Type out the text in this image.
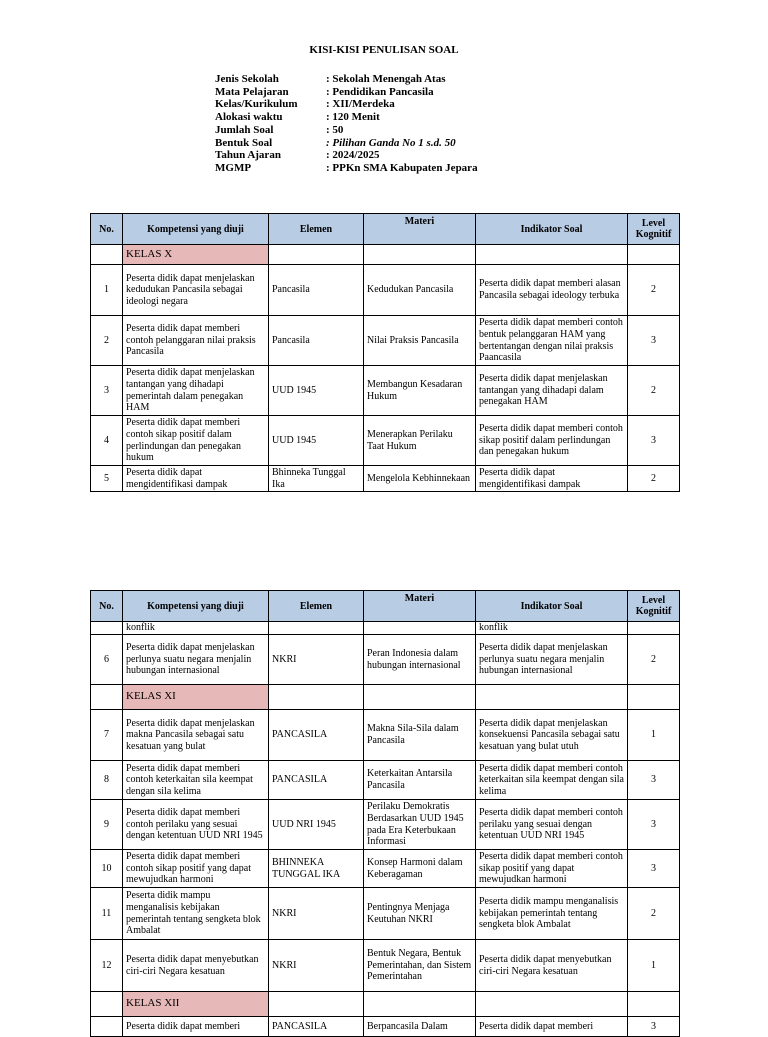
KISI-KISI PENULISAN SOAL
Jenis Sekolah	: Sekolah Menengah Atas
Mata Pelajaran	: Pendidikan Pancasila
Kelas/Kurikulum	: XII/Merdeka
Alokasi waktu	: 120 Menit
Jumlah Soal	: 50
Bentuk Soal	: Pilihan Ganda No 1 s.d. 50
Tahun Ajaran	: 2024/2025
MGMP	: PPKn SMA Kabupaten Jepara
No.	Kompetensi yang diuji	Elemen	Materi	Indikator Soal	Level Kognitif
	KELAS X				
1	Peserta didik dapat menjelaskan kedudukan Pancasila sebagai ideologi negara	Pancasila	Kedudukan Pancasila	Peserta didik dapat memberi alasan Pancasila sebagai ideology terbuka	2
2	Peserta didik dapat memberi contoh pelanggaran nilai praksis Pancasila	Pancasila	Nilai Praksis Pancasila	Peserta didik dapat memberi contoh bentuk pelanggaran HAM yang bertentangan dengan nilai praksis Paancasila	3
3	Peserta didik dapat menjelaskan tantangan yang dihadapi pemerintah dalam penegakan HAM	UUD 1945	Membangun Kesadaran Hukum	Peserta didik dapat menjelaskan tantangan yang dihadapi dalam penegakan HAM	2
4	Peserta didik dapat memberi contoh sikap positif dalam perlindungan dan penegakan hukum	UUD 1945	Menerapkan Perilaku Taat Hukum	Peserta didik dapat memberi contoh sikap positif dalam perlindungan dan penegakan hukum	3
5	Peserta didik dapat mengidentifikasi dampak	Bhinneka Tunggal Ika	Mengelola Kebhinnekaan	Peserta didik dapat mengidentifikasi dampak	2
No.	Kompetensi yang diuji	Elemen	Materi	Indikator Soal	Level Kognitif
	konflik			konflik	
6	Peserta didik dapat menjelaskan perlunya suatu negara menjalin hubungan internasional	NKRI	Peran Indonesia dalam hubungan internasional	Peserta didik dapat menjelaskan perlunya suatu negara menjalin hubungan internasional	2
	KELAS XI				
7	Peserta didik dapat menjelaskan makna Pancasila sebagai satu kesatuan yang bulat	PANCASILA	Makna Sila-Sila dalam Pancasila	Peserta didik dapat menjelaskan konsekuensi Pancasila sebagai satu kesatuan yang bulat utuh	1
8	Peserta didik dapat memberi contoh keterkaitan sila keempat dengan sila kelima	PANCASILA	Keterkaitan Antarsila Pancasila	Peserta didik dapat memberi contoh keterkaitan sila keempat dengan sila kelima	3
9	Peserta didik dapat memberi contoh perilaku yang sesuai dengan ketentuan UUD NRI 1945	UUD NRI 1945	Perilaku Demokratis Berdasarkan UUD 1945 pada Era Keterbukaan Informasi	Peserta didik dapat memberi contoh perilaku yang sesuai dengan ketentuan UUD NRI 1945	3
10	Peserta didik dapat memberi contoh sikap positif yang dapat mewujudkan harmoni	BHINNEKA TUNGGAL IKA	Konsep Harmoni dalam Keberagaman	Peserta didik dapat memberi contoh sikap positif yang dapat mewujudkan harmoni	3
11	Peserta didik mampu menganalisis kebijakan pemerintah tentang sengketa blok Ambalat	NKRI	Pentingnya Menjaga Keutuhan NKRI	Peserta didik mampu menganalisis kebijakan pemerintah tentang sengketa blok Ambalat	2
12	Peserta didik dapat menyebutkan ciri-ciri Negara kesatuan	NKRI	Bentuk Negara, Bentuk Pemerintahan, dan Sistem Pemerintahan	Peserta didik dapat menyebutkan ciri-ciri Negara kesatuan	1
	KELAS XII				
	Peserta didik dapat memberi	PANCASILA	Berpancasila Dalam	Peserta didik dapat memberi	3
